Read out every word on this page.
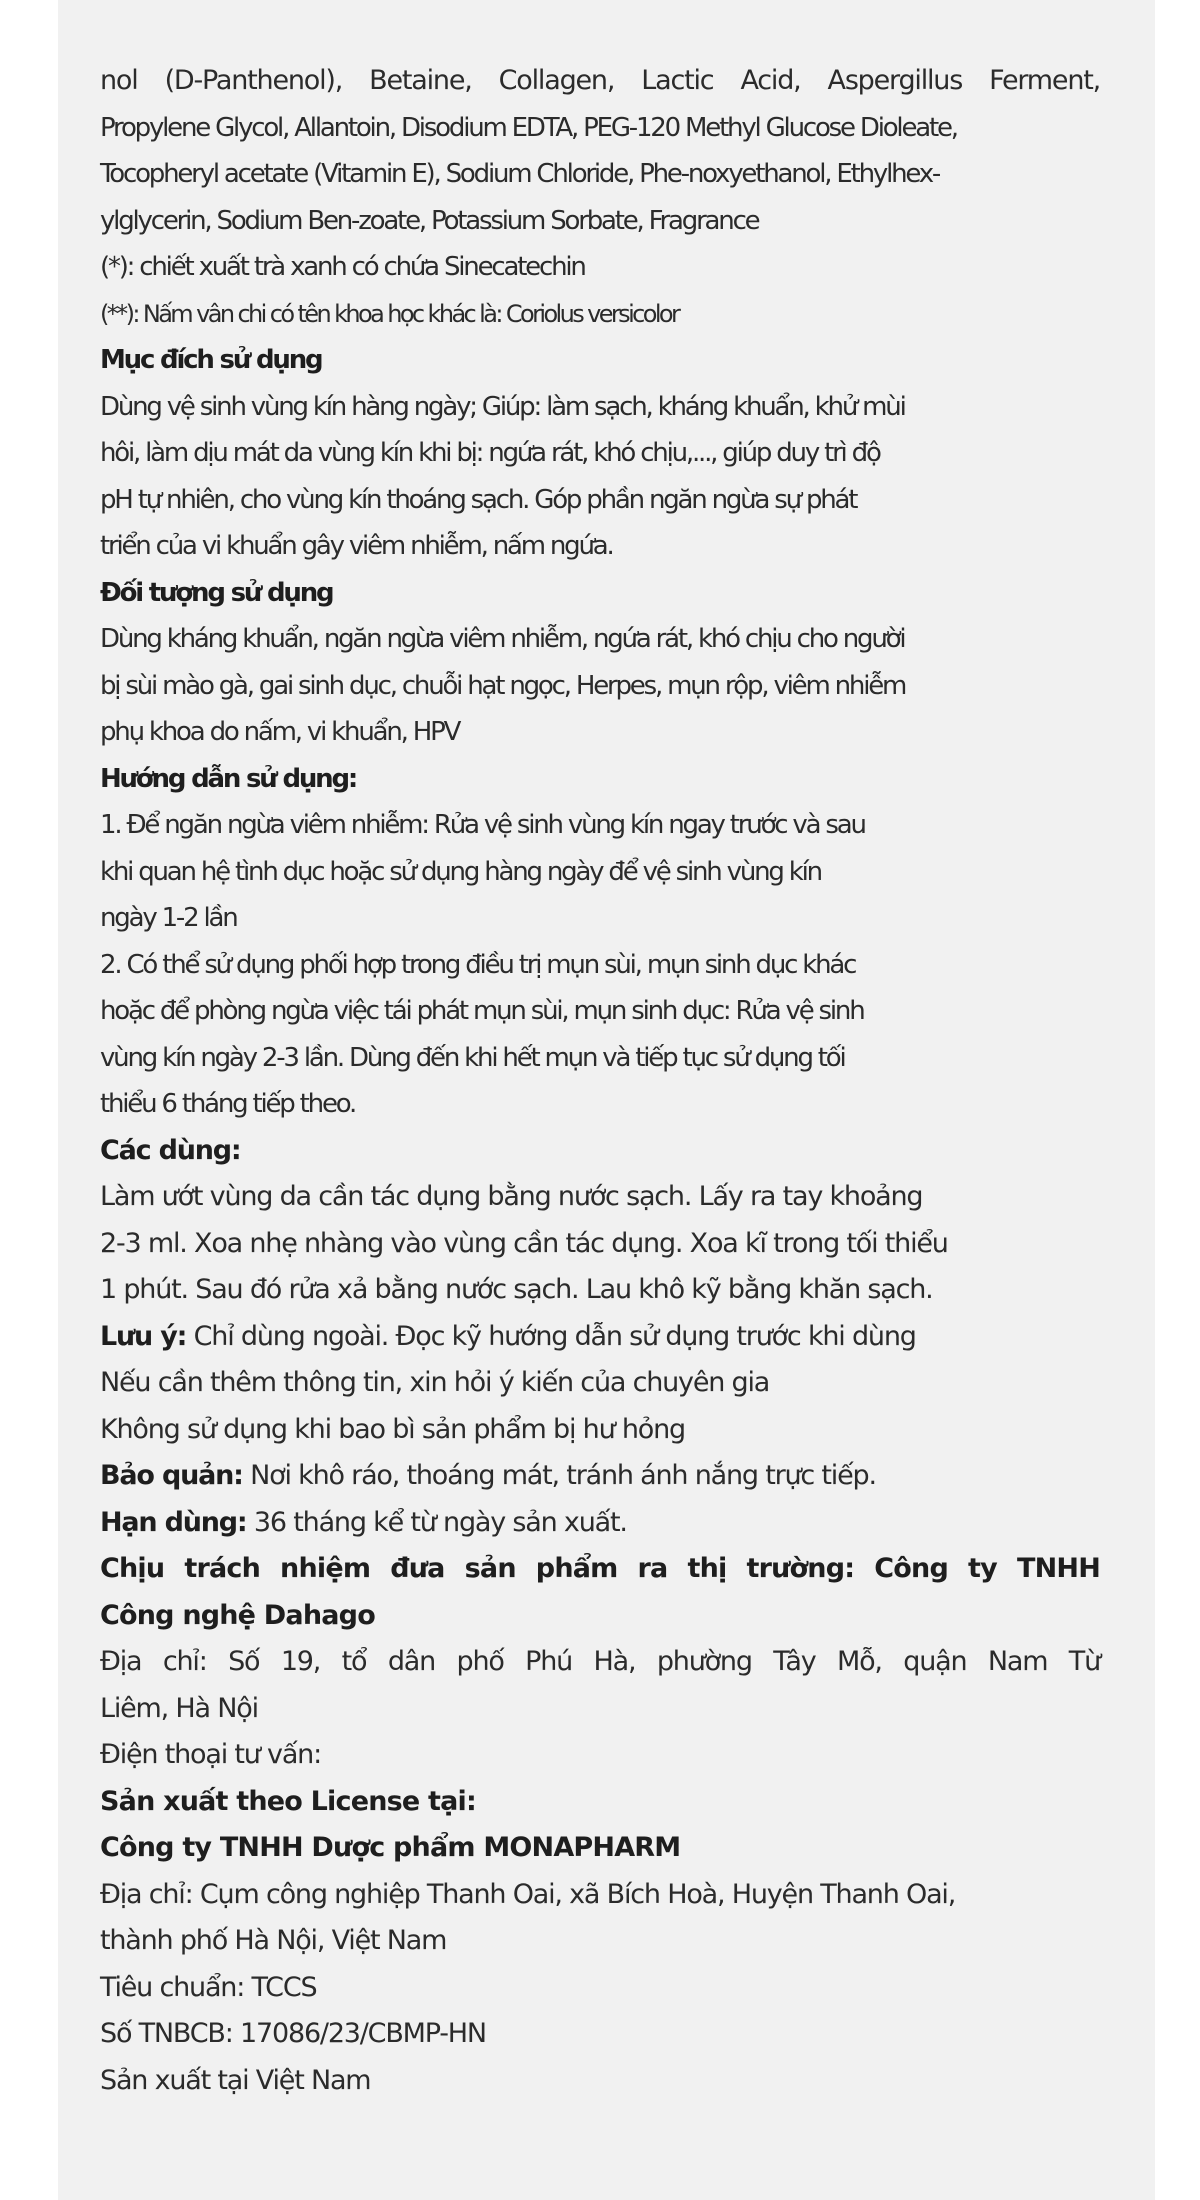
nol (D-Panthenol), Betaine, Collagen, Lactic Acid, Aspergillus Ferment,
Propylene Glycol, Allantoin, Disodium EDTA, PEG-120 Methyl Glucose Dioleate,
Tocopheryl acetate (Vitamin E), Sodium Chloride, Phe-noxyethanol, Ethylhex-
ylglycerin, Sodium Ben-zoate, Potassium Sorbate, Fragrance
(*): chiết xuất trà xanh có chứa Sinecatechin
(**): Nấm vân chi có tên khoa học khác là: Coriolus versicolor
Mục đích sử dụng
Dùng vệ sinh vùng kín hàng ngày; Giúp: làm sạch, kháng khuẩn, khử mùi
hôi, làm dịu mát da vùng kín khi bị: ngứa rát, khó chịu,..., giúp duy trì độ
pH tự nhiên, cho vùng kín thoáng sạch. Góp phần ngăn ngừa sự phát
triển của vi khuẩn gây viêm nhiễm, nấm ngứa.
Đối tượng sử dụng
Dùng kháng khuẩn, ngăn ngừa viêm nhiễm, ngứa rát, khó chịu cho người
bị sùi mào gà, gai sinh dục, chuỗi hạt ngọc, Herpes, mụn rộp, viêm nhiễm
phụ khoa do nấm, vi khuẩn, HPV
Hướng dẫn sử dụng:
1. Để ngăn ngừa viêm nhiễm: Rửa vệ sinh vùng kín ngay trước và sau
khi quan hệ tình dục hoặc sử dụng hàng ngày để vệ sinh vùng kín
ngày 1-2 lần
2. Có thể sử dụng phối hợp trong điều trị mụn sùi, mụn sinh dục khác
hoặc để phòng ngừa việc tái phát mụn sùi, mụn sinh dục: Rửa vệ sinh
vùng kín ngày 2-3 lần. Dùng đến khi hết mụn và tiếp tục sử dụng tối
thiểu 6 tháng tiếp theo.
Các dùng:
Làm ướt vùng da cần tác dụng bằng nước sạch. Lấy ra tay khoảng
2-3 ml. Xoa nhẹ nhàng vào vùng cần tác dụng. Xoa kĩ trong tối thiểu
1 phút. Sau đó rửa xả bằng nước sạch. Lau khô kỹ bằng khăn sạch.
Lưu ý: Chỉ dùng ngoài. Đọc kỹ hướng dẫn sử dụng trước khi dùng
Nếu cần thêm thông tin, xin hỏi ý kiến của chuyên gia
Không sử dụng khi bao bì sản phẩm bị hư hỏng
Bảo quản: Nơi khô ráo, thoáng mát, tránh ánh nắng trực tiếp.
Hạn dùng: 36 tháng kể từ ngày sản xuất.
Chịu trách nhiệm đưa sản phẩm ra thị trường: Công ty TNHH
Công nghệ Dahago
Địa chỉ: Số 19, tổ dân phố Phú Hà, phường Tây Mỗ, quận Nam Từ
Liêm, Hà Nội
Điện thoại tư vấn:
Sản xuất theo License tại:
Công ty TNHH Dược phẩm MONAPHARM
Địa chỉ: Cụm công nghiệp Thanh Oai, xã Bích Hoà, Huyện Thanh Oai,
thành phố Hà Nội, Việt Nam
Tiêu chuẩn: TCCS
Số TNBCB: 17086/23/CBMP-HN
Sản xuất tại Việt Nam
